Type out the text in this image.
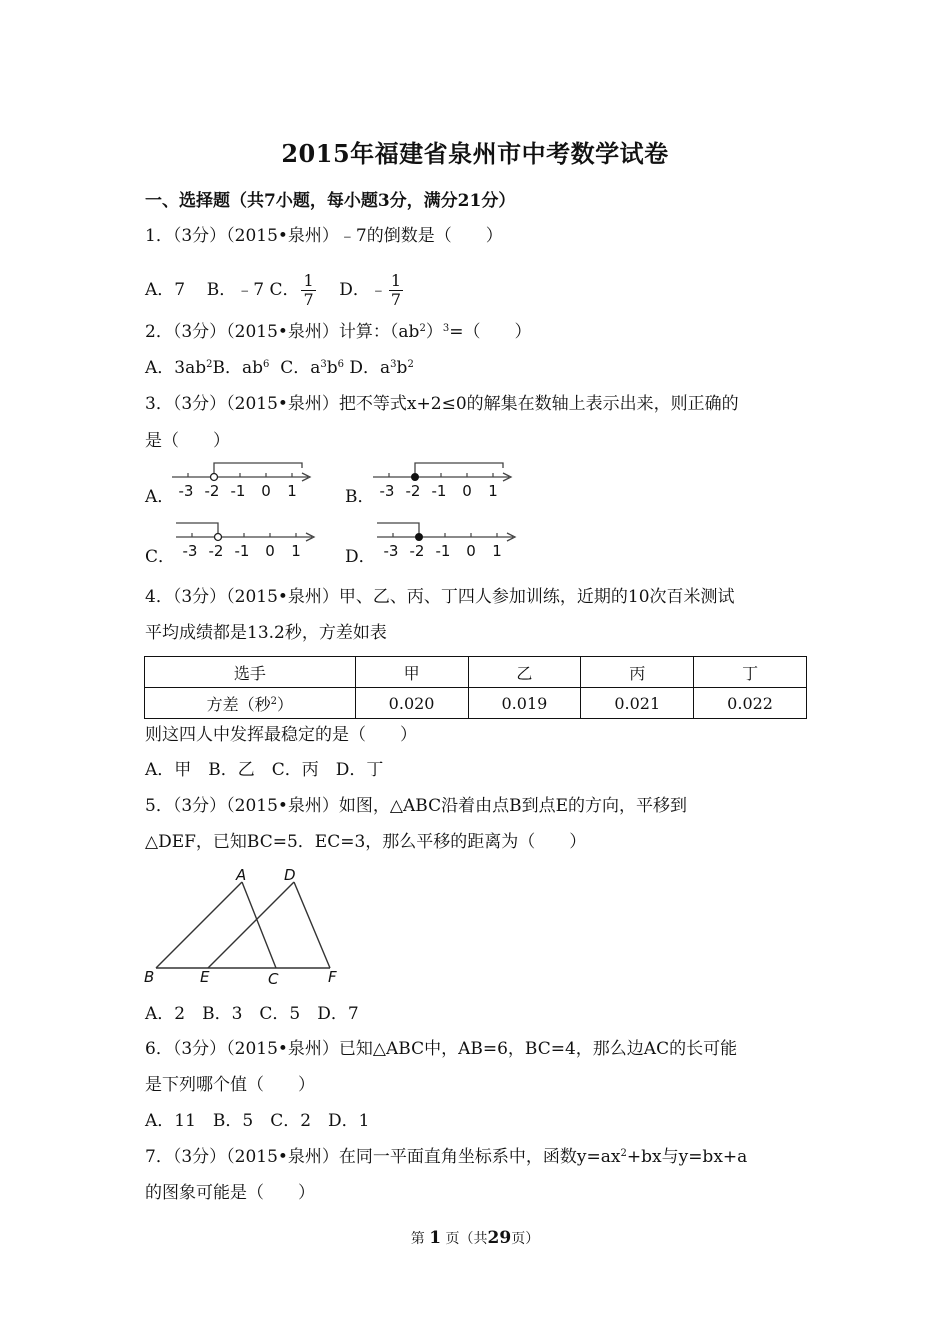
2015年福建省泉州市中考数学试卷
一、选择题（共7小题，每小题3分，满分21分）
1．（3分）（2015•泉州）﹣7的倒数是（　　）
A．7 B．﹣7 C． $\frac{1}{7}$ D．﹣ $\frac{1}{7}$
2．（3分）（2015•泉州）计算：$(ab^2)^3=$（　　）
A．$3ab^2B$．$ab^6$ C．$a^3b^6$ D．$a^3b^2$
3．（3分）（2015•泉州）把不等式x+2≤0的解集在数轴上表示出来，则正确的
是（　　）
A． -3 -2 -1 0 1	B． -3 -2 -1 0 1
C． -3 -2 -1 0 1	D． -3 -2 -1 0 1
4．（3分）（2015•泉州）甲、乙、丙、丁四人参加训练，近期的10次百米测试
平均成绩都是13.2秒，方差如表
选手	甲	乙	丙	丁
方差（秒$^2$）	0.020	0.019	0.021	0.022
则这四人中发挥最稳定的是（　　）
A．甲　B．乙　C．丙　D．丁
5．（3分）（2015•泉州）如图，△ABC沿着由点B到点E的方向，平移到
△DEF，已知BC=5．EC=3，那么平移的距离为（　　）
A	D
B	E	C	F
A．2　B．3　C．5　D．7
6．（3分）（2015•泉州）已知△ABC中，AB=6，BC=4，那么边AC的长可能
是下列哪个值（　　）
A．11　B．5　C．2　D．1
7．（3分）（2015•泉州）在同一平面直角坐标系中，函数$y=ax^2+bx$与y=bx+a
的图象可能是（　　）
第 1 页（共29页）
